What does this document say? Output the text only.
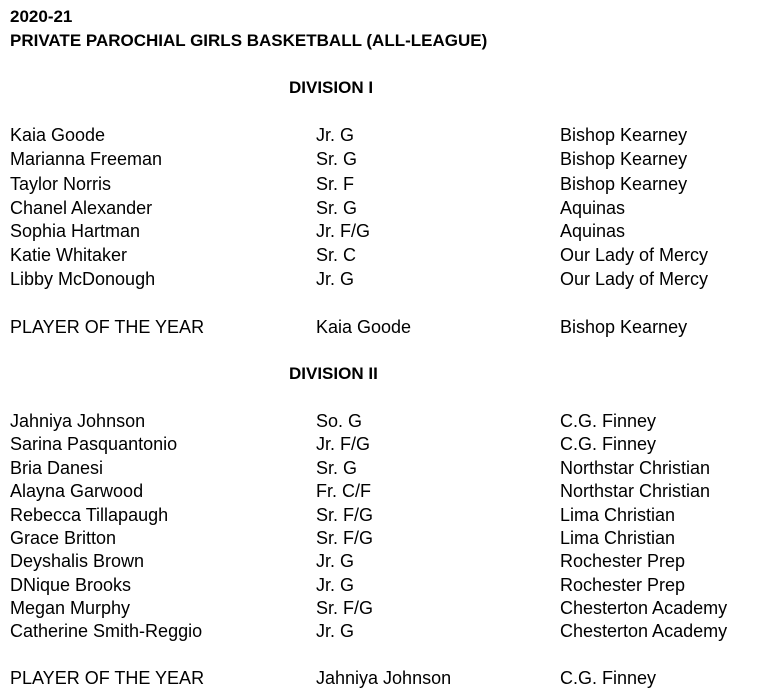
2020-21
PRIVATE PAROCHIAL GIRLS BASKETBALL (ALL-LEAGUE)
DIVISION I
Kaia Goode	Jr. G	Bishop Kearney
Marianna Freeman	Sr. G	Bishop Kearney
Taylor Norris	Sr. F	Bishop Kearney
Chanel Alexander	Sr. G	Aquinas
Sophia Hartman	Jr. F/G	Aquinas
Katie Whitaker	Sr. C	Our Lady of Mercy
Libby McDonough	Jr. G	Our Lady of Mercy
PLAYER OF THE YEAR	Kaia Goode	Bishop Kearney
DIVISION II
Jahniya Johnson	So. G	C.G. Finney
Sarina Pasquantonio	Jr. F/G	C.G. Finney
Bria Danesi	Sr. G	Northstar Christian
Alayna Garwood	Fr. C/F	Northstar Christian
Rebecca Tillapaugh	Sr. F/G	Lima Christian
Grace Britton	Sr. F/G	Lima Christian
Deyshalis Brown	Jr. G	Rochester Prep
DNique Brooks	Jr. G	Rochester Prep
Megan Murphy	Sr. F/G	Chesterton Academy
Catherine Smith-Reggio	Jr. G	Chesterton Academy
PLAYER OF THE YEAR	Jahniya Johnson	C.G. Finney
